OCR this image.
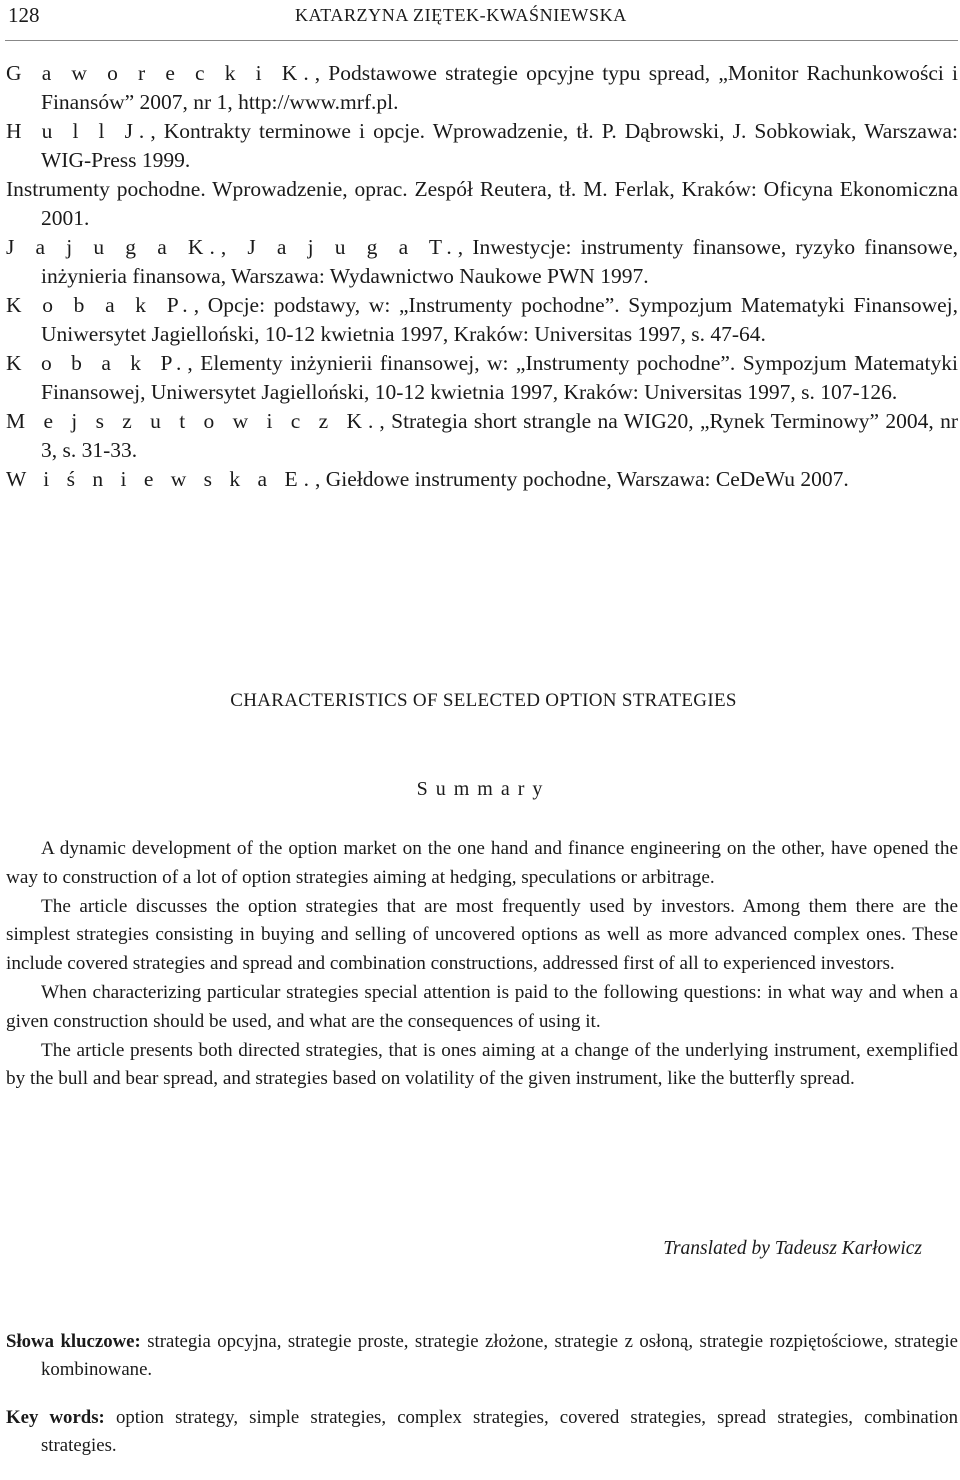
128	KATARZYNA ZIĘTEK-KWAŚNIEWSKA

G a w o r e c k i K., Podstawowe strategie opcyjne typu spread, „Monitor Rachunkowości i Finansów” 2007, nr 1, http://www.mrf.pl.

H u l l J., Kontrakty terminowe i opcje. Wprowadzenie, tł. P. Dąbrowski, J. Sobkowiak, Warszawa: WIG-Press 1999.

Instrumenty pochodne. Wprowadzenie, oprac. Zespół Reutera, tł. M. Ferlak, Kraków: Oficyna Ekonomiczna 2001.

J a j u g a K., J a j u g a T., Inwestycje: instrumenty finansowe, ryzyko finansowe, inżynieria finansowa, Warszawa: Wydawnictwo Naukowe PWN 1997.

K o b a k P., Opcje: podstawy, w: „Instrumenty pochodne”. Sympozjum Matematyki Finansowej, Uniwersytet Jagielloński, 10-12 kwietnia 1997, Kraków: Universitas 1997, s. 47-64.

K o b a k P., Elementy inżynierii finansowej, w: „Instrumenty pochodne”. Sympozjum Matematyki Finansowej, Uniwersytet Jagielloński, 10-12 kwietnia 1997, Kraków: Universitas 1997, s. 107-126.

M e j s z u t o w i c z K., Strategia short strangle na WIG20, „Rynek Terminowy” 2004, nr 3, s. 31-33.

W i ś n i e w s k a E., Giełdowe instrumenty pochodne, Warszawa: CeDeWu 2007.

CHARACTERISTICS OF SELECTED OPTION STRATEGIES
Summary

A dynamic development of the option market on the one hand and finance engineering on the other, have opened the way to construction of a lot of option strategies aiming at hedging, speculations or arbitrage.

The article discusses the option strategies that are most frequently used by investors. Among them there are the simplest strategies consisting in buying and selling of uncovered options as well as more advanced complex ones. These include covered strategies and spread and combination constructions, addressed first of all to experienced investors.

When characterizing particular strategies special attention is paid to the following questions: in what way and when a given construction should be used, and what are the consequences of using it.

The article presents both directed strategies, that is ones aiming at a change of the underlying instrument, exemplified by the bull and bear spread, and strategies based on volatility of the given instrument, like the butterfly spread.

Translated by Tadeusz Karłowicz

Słowa kluczowe: strategia opcyjna, strategie proste, strategie złożone, strategie z osłoną, strategie rozpiętościowe, strategie kombinowane.

Key words: option strategy, simple strategies, complex strategies, covered strategies, spread strategies, combination strategies.
